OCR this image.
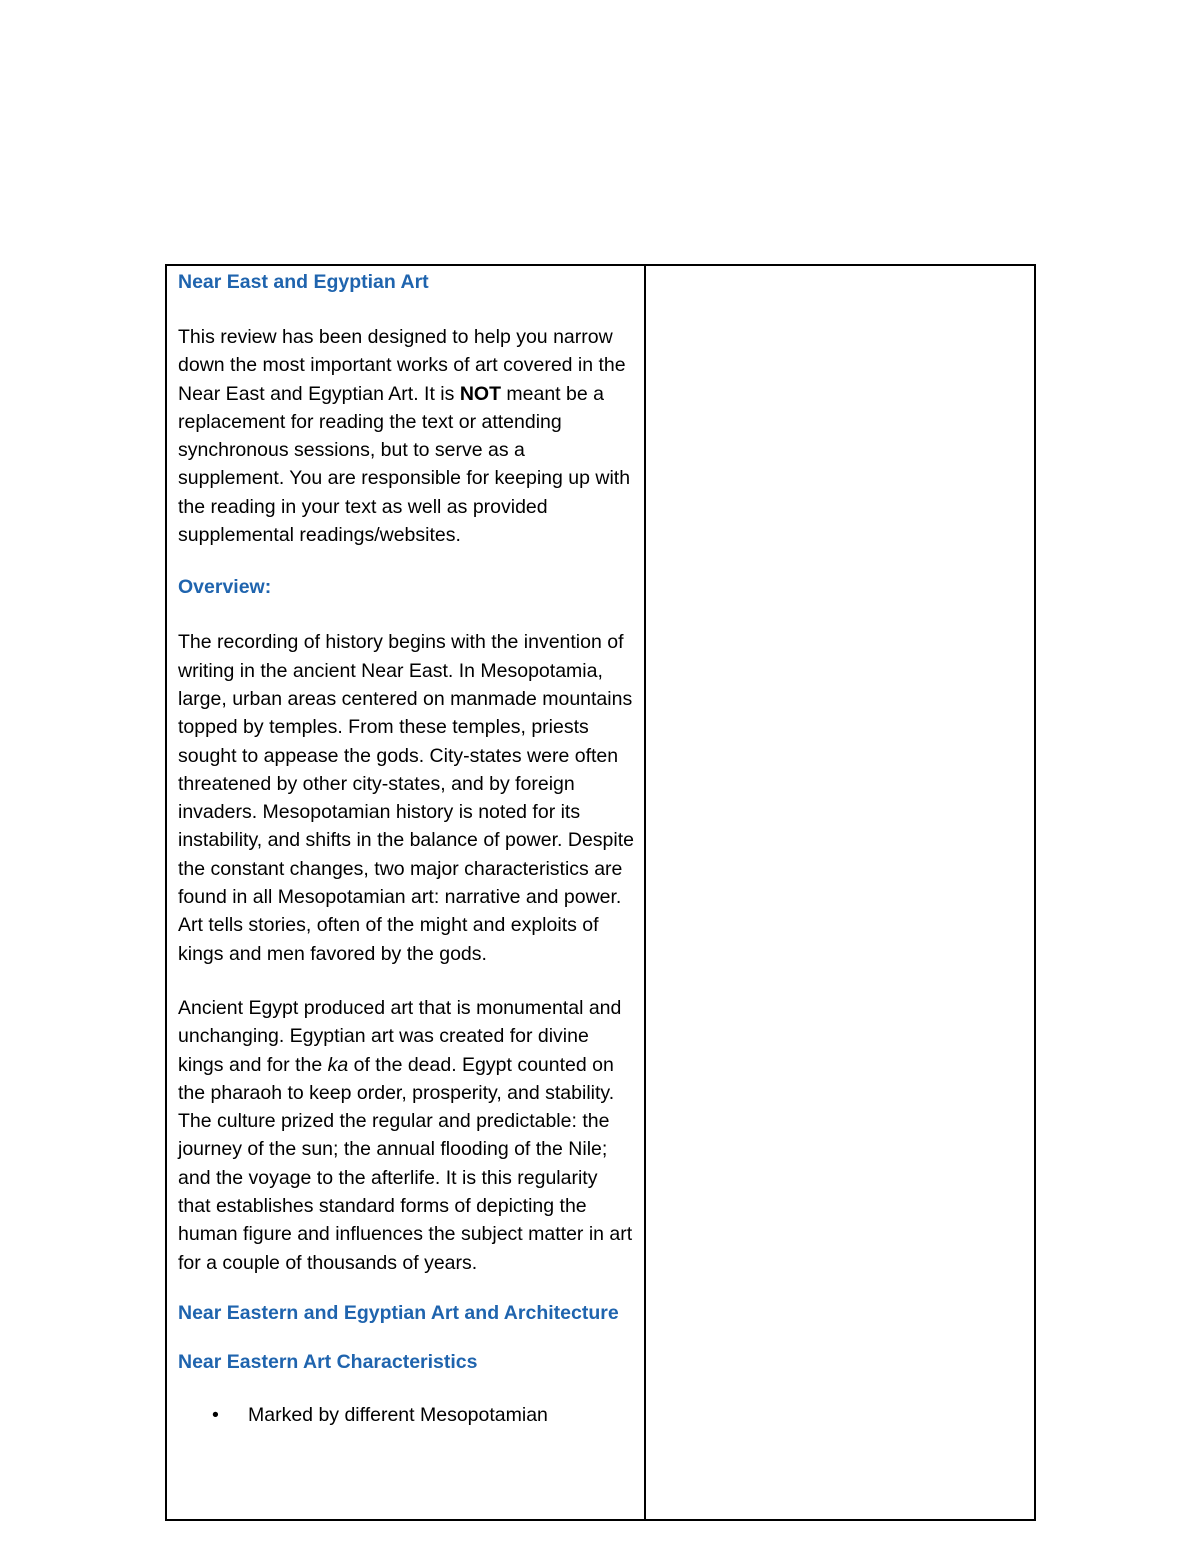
Near East and Egyptian Art

This review has been designed to help you narrow down the most important works of art covered in the Near East and Egyptian Art. It is NOT meant be a replacement for reading the text or attending synchronous sessions, but to serve as a supplement. You are responsible for keeping up with the reading in your text as well as provided supplemental readings/websites.

Overview:

The recording of history begins with the invention of writing in the ancient Near East. In Mesopotamia, large, urban areas centered on manmade mountains topped by temples. From these temples, priests sought to appease the gods. City-states were often threatened by other city-states, and by foreign invaders. Mesopotamian history is noted for its instability, and shifts in the balance of power. Despite the constant changes, two major characteristics are found in all Mesopotamian art: narrative and power. Art tells stories, often of the might and exploits of kings and men favored by the gods.

Ancient Egypt produced art that is monumental and unchanging. Egyptian art was created for divine kings and for the ka of the dead. Egypt counted on the pharaoh to keep order, prosperity, and stability. The culture prized the regular and predictable: the journey of the sun; the annual flooding of the Nile; and the voyage to the afterlife. It is this regularity that establishes standard forms of depicting the human figure and influences the subject matter in art for a couple of thousands of years.

Near Eastern and Egyptian Art and Architecture
Near Eastern Art Characteristics
• Marked by different Mesopotamian
